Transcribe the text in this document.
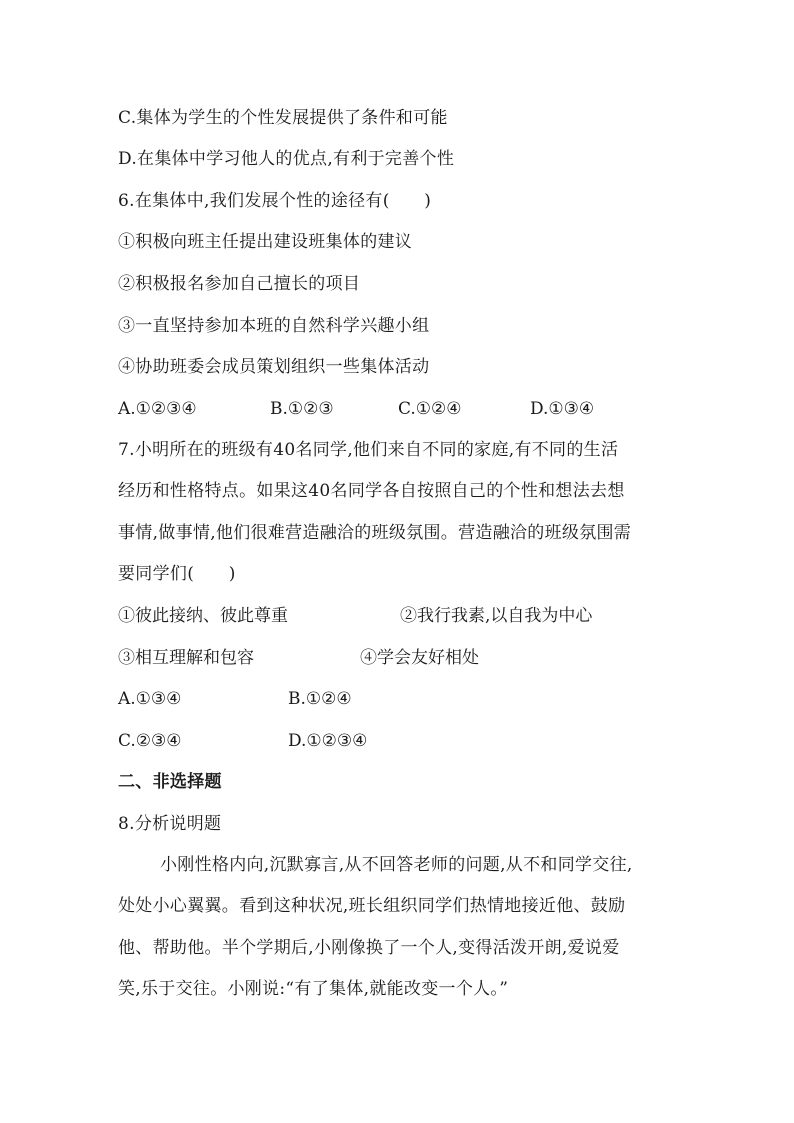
C.集体为学生的个性发展提供了条件和可能
D.在集体中学习他人的优点,有利于完善个性
6.在集体中,我们发展个性的途径有(　　)
①积极向班主任提出建设班集体的建议
②积极报名参加自己擅长的项目
③一直坚持参加本班的自然科学兴趣小组
④协助班委会成员策划组织一些集体活动
A.①②③④	B.①②③	C.①②④	D.①③④
7.小明所在的班级有40名同学,他们来自不同的家庭,有不同的生活
经历和性格特点。如果这40名同学各自按照自己的个性和想法去想
事情,做事情,他们很难营造融洽的班级氛围。营造融洽的班级氛围需
要同学们(　　)
①彼此接纳、彼此尊重	②我行我素,以自我为中心
③相互理解和包容	④学会友好相处
A.①③④	B.①②④
C.②③④	D.①②③④
二、非选择题
8.分析说明题
小刚性格内向,沉默寡言,从不回答老师的问题,从不和同学交往,
处处小心翼翼。看到这种状况,班长组织同学们热情地接近他、鼓励
他、帮助他。半个学期后,小刚像换了一个人,变得活泼开朗,爱说爱
笑,乐于交往。小刚说:“有了集体,就能改变一个人。”
